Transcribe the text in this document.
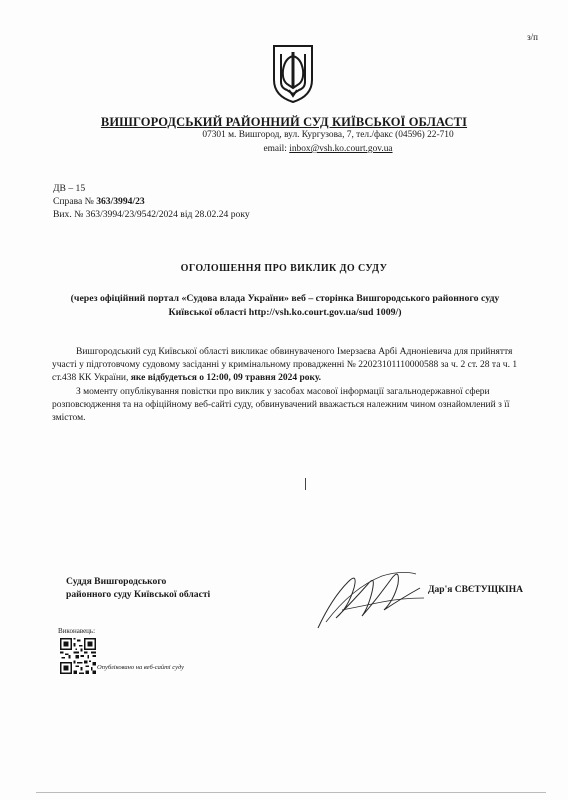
з/п
ВИШГОРОДСЬКИЙ РАЙОННИЙ СУД КИЇВСЬКОЇ ОБЛАСТІ
07301 м. Вишгород, вул. Кургузова, 7, тел./факс (04596) 22-710
email: inbox@vsh.ko.court.gov.ua
ДВ – 15
Справа № 363/3994/23
Вих. № 363/3994/23/9542/2024 від 28.02.24 року
ОГОЛОШЕННЯ ПРО ВИКЛИК ДО СУДУ
(через офіційний портал «Судова влада України» веб – сторінка Вишгородського районного суду Київської області http://vsh.ko.court.gov.ua/sud 1009/)

Вишгородський суд Київської області викликає обвинуваченого Імерзаєва Арбі Адноніевича для прийняття участі у підготовчому судовому засіданні у кримінальному провадженні № 22023101110000588 за ч. 2 ст. 28 та ч. 1 ст.438 КК України, яке відбудеться о 12:00, 09 травня 2024 року.

З моменту опублікування повістки про виклик у засобах масової інформації загальнодержавної сфери розповсюдження та на офіційному веб-сайті суду, обвинувачений вважається належним чином ознайомлений з її змістом.

Суддя Вишгородського
районного суду Київської області	Дар'я СВЄТУЩКІНА
Виконавець:
Опубліковано на веб-сайті суду
